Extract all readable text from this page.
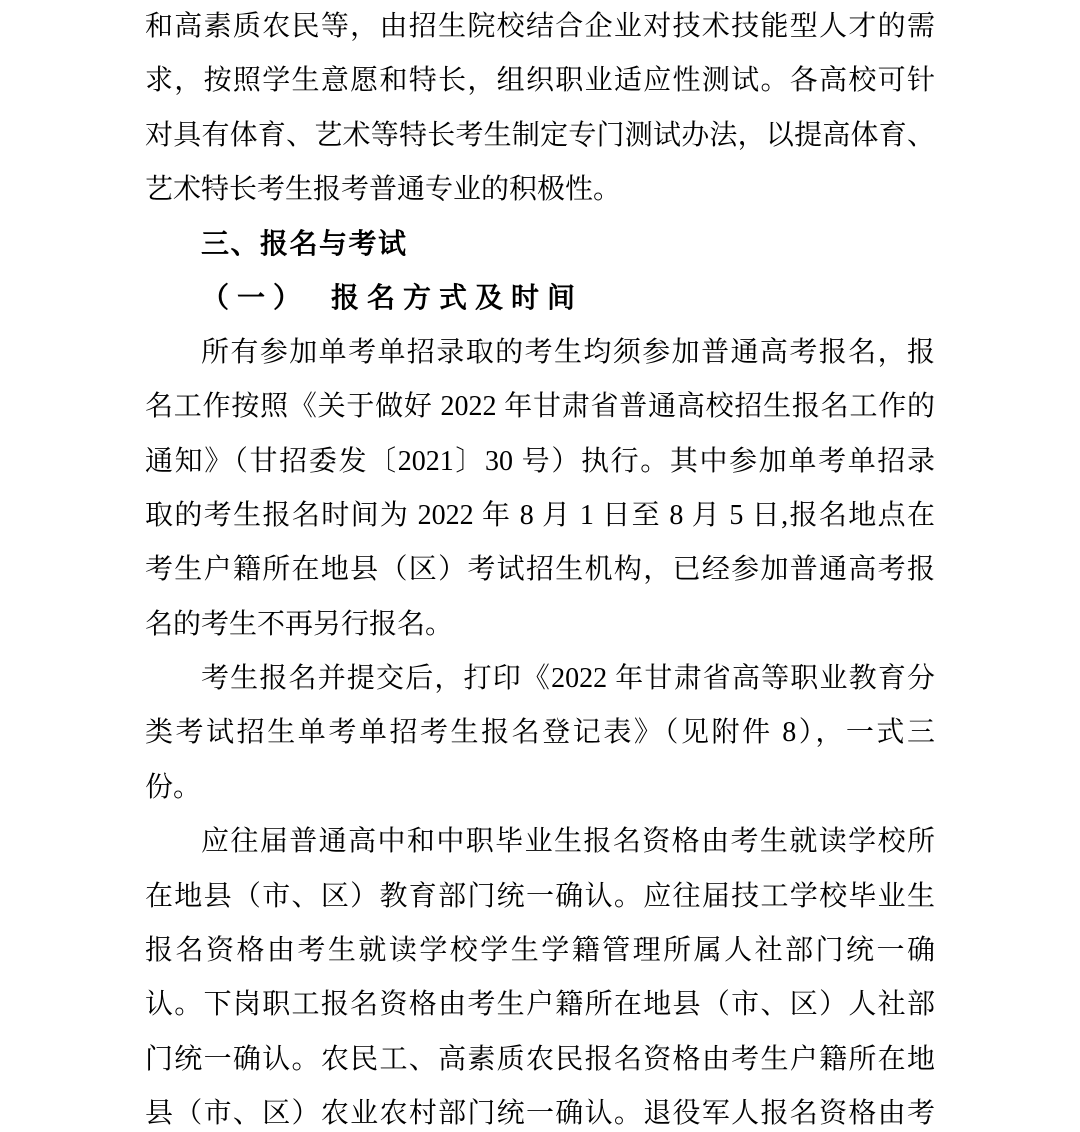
和高素质农民等，由招生院校结合企业对技术技能型人才的需
求，按照学生意愿和特长，组织职业适应性测试。各高校可针
对具有体育、艺术等特长考生制定专门测试办法，以提高体育、
艺术特长考生报考普通专业的积极性。
三、报名与考试
（一）　报名方式及时间
所有参加单考单招录取的考生均须参加普通高考报名，报
名工作按照《关于做好 2022 年甘肃省普通高校招生报名工作的
通知》（甘招委发〔2021〕30 号）执行。其中参加单考单招录
取的考生报名时间为 2022 年 8 月 1 日至 8 月 5 日,报名地点在
考生户籍所在地县（区）考试招生机构，已经参加普通高考报
名的考生不再另行报名。
考生报名并提交后，打印《2022 年甘肃省高等职业教育分
类考试招生单考单招考生报名登记表》（见附件 8），一式三
份。
应往届普通高中和中职毕业生报名资格由考生就读学校所
在地县（市、区）教育部门统一确认。应往届技工学校毕业生
报名资格由考生就读学校学生学籍管理所属人社部门统一确
认。下岗职工报名资格由考生户籍所在地县（市、区）人社部
门统一确认。农民工、高素质农民报名资格由考生户籍所在地
县（市、区）农业农村部门统一确认。退役军人报名资格由考
